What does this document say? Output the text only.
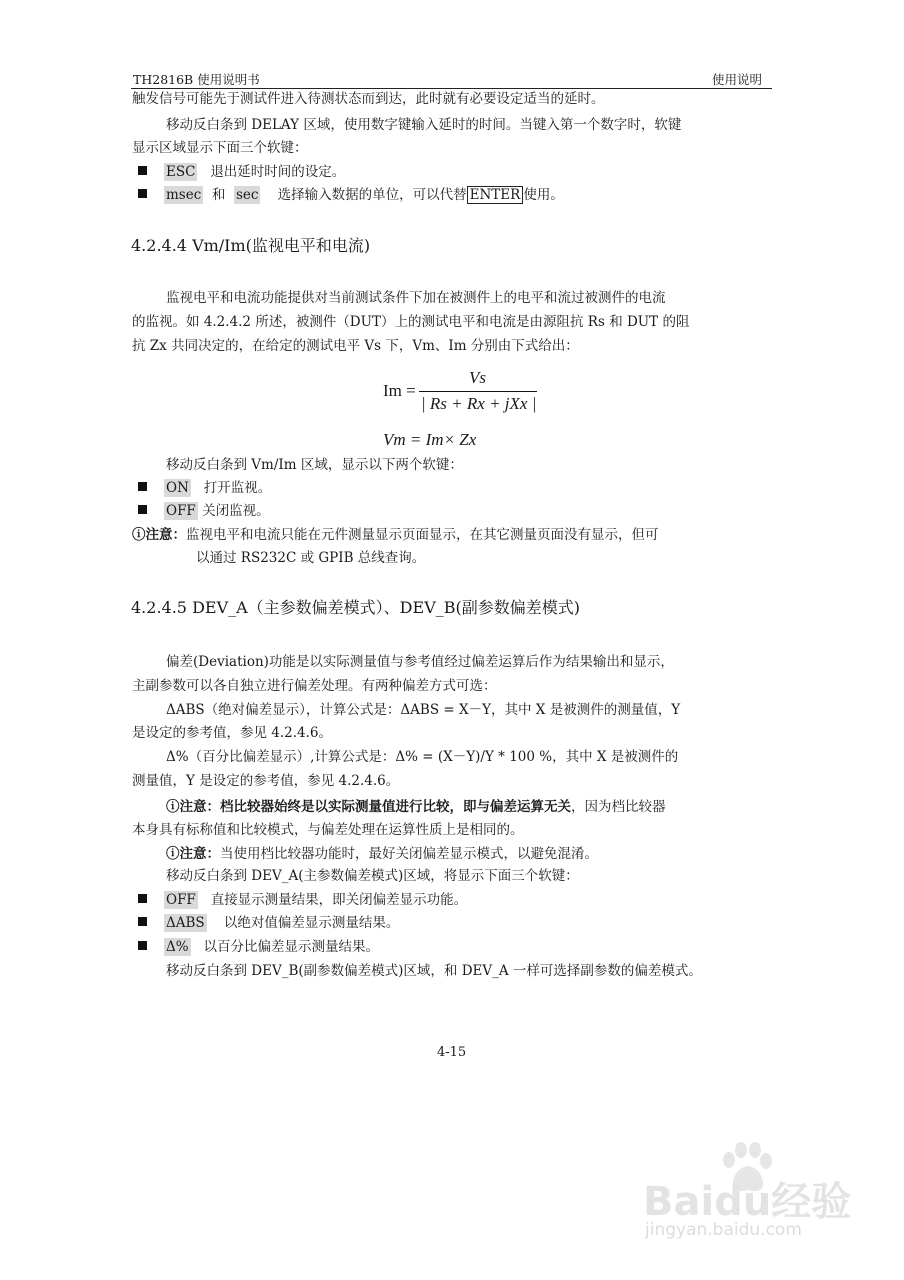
TH2816B 使用说明书	使用说明
触发信号可能先于测试件进入待测状态而到达，此时就有必要设定适当的延时。
移动反白条到 DELAY 区域，使用数字键输入延时的时间。当键入第一个数字时，软键
显示区域显示下面三个软键：
ESC 退出延时时间的设定。
msec 和 sec 选择输入数据的单位，可以代替 ENTER 使用。
4.2.4.4 Vm/Im(监视电平和电流)
监视电平和电流功能提供对当前测试条件下加在被测件上的电平和流过被测件的电流
的监视。如 4.2.4.2 所述，被测件（DUT）上的测试电平和电流是由源阻抗 Rs 和 DUT 的阻
抗 Zx 共同决定的，在给定的测试电平 Vs 下，Vm、Im 分别由下式给出：
Im =
Vs
| Rs + Rx + jXx |
Vm = Im× Zx
移动反白条到 Vm/Im 区域，显示以下两个软键：
ON 打开监视。
OFF 关闭监视。
ⓘ注意：监视电平和电流只能在元件测量显示页面显示，在其它测量页面没有显示，但可
以通过 RS232C 或 GPIB 总线查询。
4.2.4.5 DEV_A（主参数偏差模式）、DEV_B(副参数偏差模式)
偏差(Deviation)功能是以实际测量值与参考值经过偏差运算后作为结果输出和显示，
主副参数可以各自独立进行偏差处理。有两种偏差方式可选：
ΔABS（绝对偏差显示），计算公式是：ΔABS = X－Y，其中 X 是被测件的测量值，Y
是设定的参考值，参见 4.2.4.6。
Δ%（百分比偏差显示）,计算公式是：Δ% = (X－Y)/Y * 100 %，其中 X 是被测件的
测量值，Y 是设定的参考值，参见 4.2.4.6。
ⓘ注意：档比较器始终是以实际测量值进行比较，即与偏差运算无关，因为档比较器
本身具有标称值和比较模式，与偏差处理在运算性质上是相同的。
ⓘ注意：当使用档比较器功能时，最好关闭偏差显示模式，以避免混淆。
移动反白条到 DEV_A(主参数偏差模式)区域，将显示下面三个软键：
OFF 直接显示测量结果，即关闭偏差显示功能。
ΔABS 以绝对值偏差显示测量结果。
Δ% 以百分比偏差显示测量结果。
移动反白条到 DEV_B(副参数偏差模式)区域，和 DEV_A 一样可选择副参数的偏差模式。
4-15
Baidu经验
jingyan.baidu.com
